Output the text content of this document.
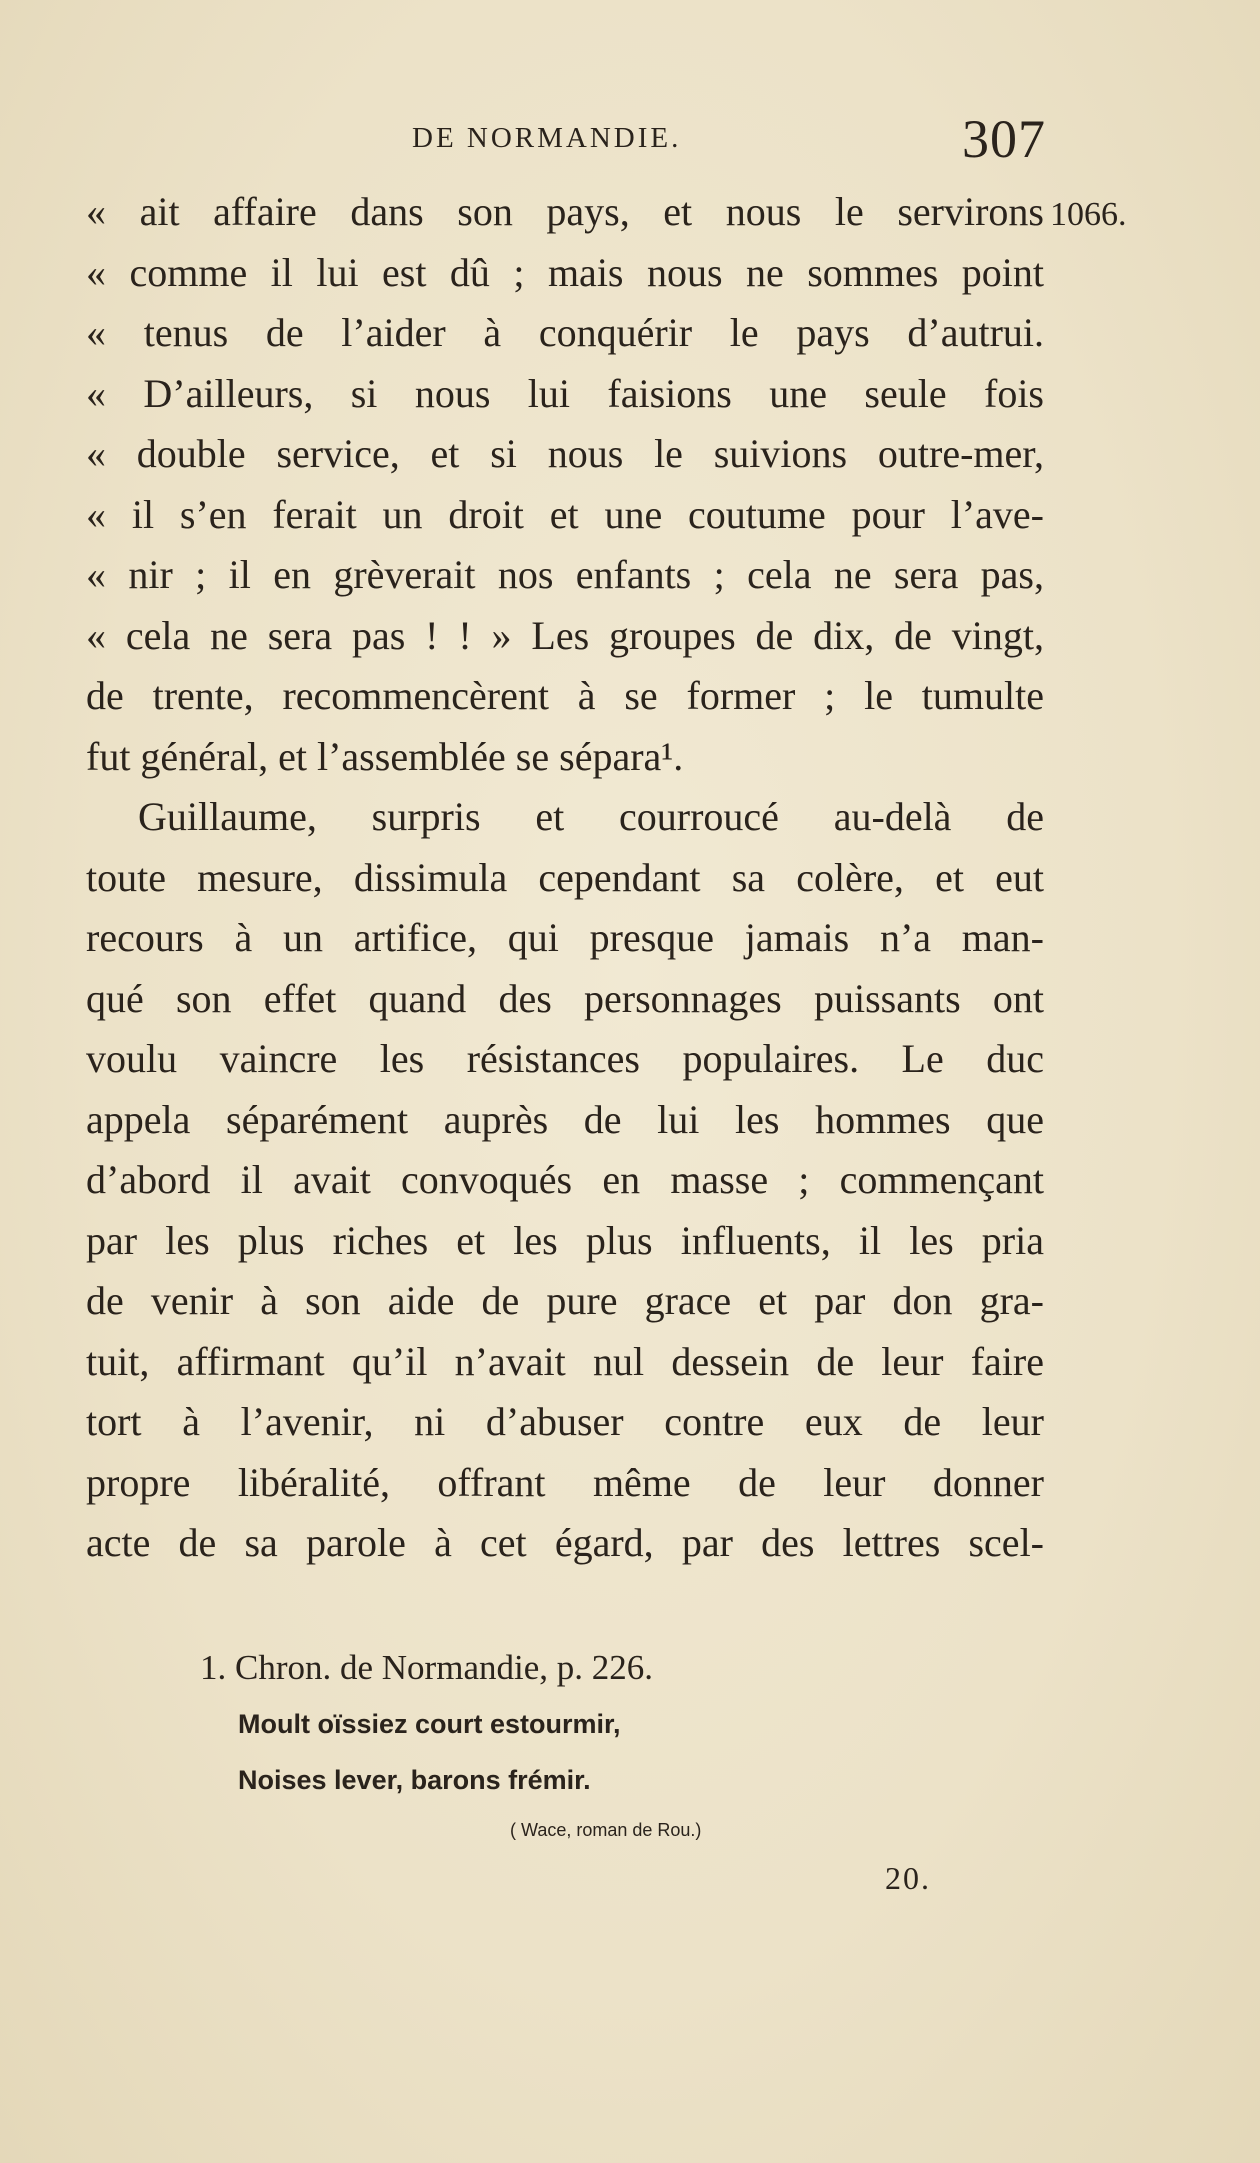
DE NORMANDIE.	307
1066.
« ait affaire dans son pays, et nous le servirons
« comme il lui est dû ; mais nous ne sommes point
« tenus de l’aider à conquérir le pays d’autrui.
« D’ailleurs, si nous lui faisions une seule fois
« double service, et si nous le suivions outre-mer,
« il s’en ferait un droit et une coutume pour l’ave-
« nir ; il en grèverait nos enfants ; cela ne sera pas,
« cela ne sera pas ! ! » Les groupes de dix, de vingt,
de trente, recommencèrent à se former ; le tumulte
fut général, et l’assemblée se sépara¹.
Guillaume, surpris et courroucé au-delà de
toute mesure, dissimula cependant sa colère, et eut
recours à un artifice, qui presque jamais n’a man-
qué son effet quand des personnages puissants ont
voulu vaincre les résistances populaires. Le duc
appela séparément auprès de lui les hommes que
d’abord il avait convoqués en masse ; commençant
par les plus riches et les plus influents, il les pria
de venir à son aide de pure grace et par don gra-
tuit, affirmant qu’il n’avait nul dessein de leur faire
tort à l’avenir, ni d’abuser contre eux de leur
propre libéralité, offrant même de leur donner
acte de sa parole à cet égard, par des lettres scel-
1. Chron. de Normandie, p. 226.
Moult oïssiez court estourmir,
Noises lever, barons frémir.
( Wace, roman de Rou.)
20.
